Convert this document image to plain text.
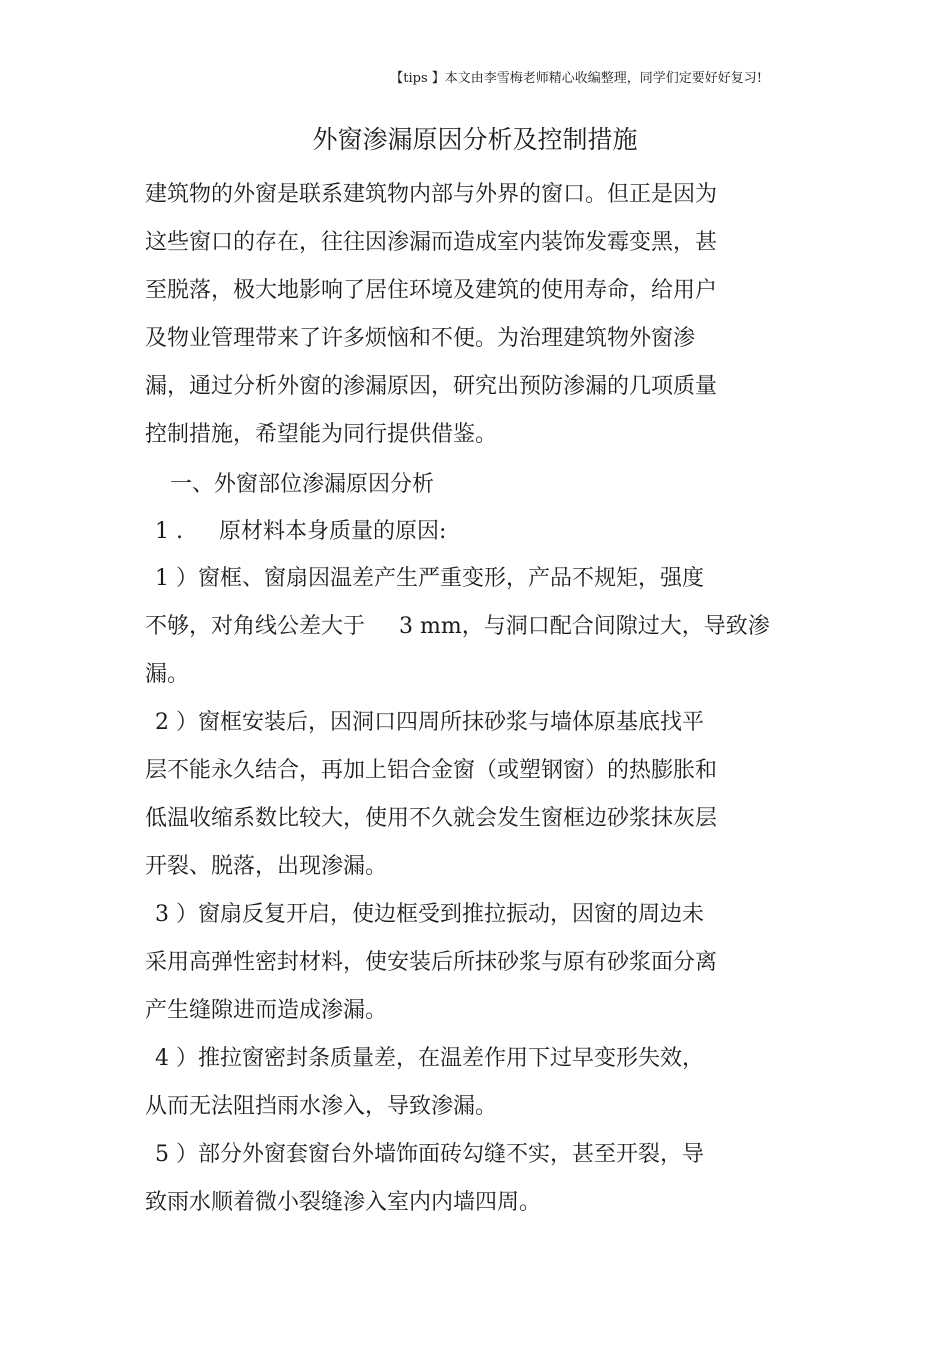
【tips 】本文由李雪梅老师精心收编整理，同学们定要好好复习!
外窗渗漏原因分析及控制措施
建筑物的外窗是联系建筑物内部与外界的窗口。但正是因为
这些窗口的存在，往往因渗漏而造成室内装饰发霉变黑，甚
至脱落，极大地影响了居住环境及建筑的使用寿命，给用户
及物业管理带来了许多烦恼和不便。为治理建筑物外窗渗
漏，通过分析外窗的渗漏原因，研究出预防渗漏的几项质量
控制措施，希望能为同行提供借鉴。
一、外窗部位渗漏原因分析
1 . 原材料本身质量的原因:
1 ）窗框、窗扇因温差产生严重变形，产品不规矩，强度
不够，对角线公差大于 3 mm，与洞口配合间隙过大，导致渗
漏。
2 ）窗框安装后，因洞口四周所抹砂浆与墙体原基底找平
层不能永久结合，再加上铝合金窗（或塑钢窗）的热膨胀和
低温收缩系数比较大，使用不久就会发生窗框边砂浆抹灰层
开裂、脱落，出现渗漏。
3 ）窗扇反复开启，使边框受到推拉振动，因窗的周边未
采用高弹性密封材料，使安装后所抹砂浆与原有砂浆面分离
产生缝隙进而造成渗漏。
4 ）推拉窗密封条质量差，在温差作用下过早变形失效，
从而无法阻挡雨水渗入，导致渗漏。
5 ）部分外窗套窗台外墙饰面砖勾缝不实，甚至开裂，导
致雨水顺着微小裂缝渗入室内内墙四周。
